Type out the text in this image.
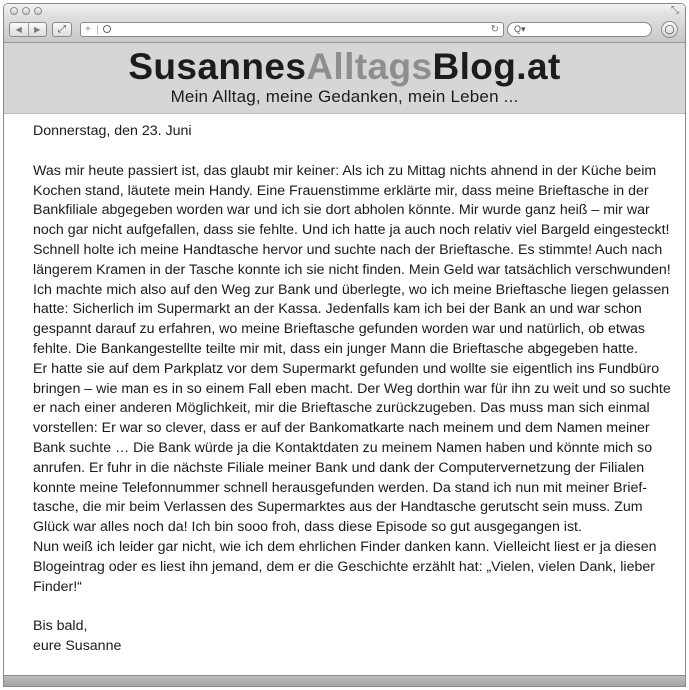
⤡
◀	▶	⤢	+	↻ Q▾	◯
SusannesAlltagsBlog.at

Mein Alltag, meine Gedanken, mein Leben ...

Donnerstag, den 23. Juni

Was mir heute passiert ist, das glaubt mir keiner: Als ich zu Mittag nichts ahnend in der Küche beim

Kochen stand, läutete mein Handy. Eine Frauenstimme erklärte mir, dass meine Brieftasche in der

Bankfiliale abgegeben worden war und ich sie dort abholen könnte. Mir wurde ganz heiß – mir war

noch gar nicht aufgefallen, dass sie fehlte. Und ich hatte ja auch noch relativ viel Bargeld eingesteckt!

Schnell holte ich meine Handtasche hervor und suchte nach der Brieftasche. Es stimmte! Auch nach

längerem Kramen in der Tasche konnte ich sie nicht finden. Mein Geld war tatsächlich verschwunden!

Ich machte mich also auf den Weg zur Bank und überlegte, wo ich meine Brieftasche liegen gelassen

hatte: Sicherlich im Supermarkt an der Kassa. Jedenfalls kam ich bei der Bank an und war schon

gespannt darauf zu erfahren, wo meine Brieftasche gefunden worden war und natürlich, ob etwas

fehlte. Die Bankangestellte teilte mir mit, dass ein junger Mann die Brieftasche abgegeben hatte.

Er hatte sie auf dem Parkplatz vor dem Supermarkt gefunden und wollte sie eigentlich ins Fundbüro

bringen – wie man es in so einem Fall eben macht. Der Weg dorthin war für ihn zu weit und so suchte

er nach einer anderen Möglichkeit, mir die Brieftasche zurückzugeben. Das muss man sich einmal

vorstellen: Er war so clever, dass er auf der Bankomatkarte nach meinem und dem Namen meiner

Bank suchte … Die Bank würde ja die Kontaktdaten zu meinem Namen haben und könnte mich so

anrufen. Er fuhr in die nächste Filiale meiner Bank und dank der Computervernetzung der Filialen

konnte meine Telefonnummer schnell herausgefunden werden. Da stand ich nun mit meiner Brief-

tasche, die mir beim Verlassen des Supermarktes aus der Handtasche gerutscht sein muss. Zum

Glück war alles noch da! Ich bin sooo froh, dass diese Episode so gut ausgegangen ist.

Nun weiß ich leider gar nicht, wie ich dem ehrlichen Finder danken kann. Vielleicht liest er ja diesen

Blogeintrag oder es liest ihn jemand, dem er die Geschichte erzählt hat: „Vielen, vielen Dank, lieber

Finder!“

Bis bald,

eure Susanne
